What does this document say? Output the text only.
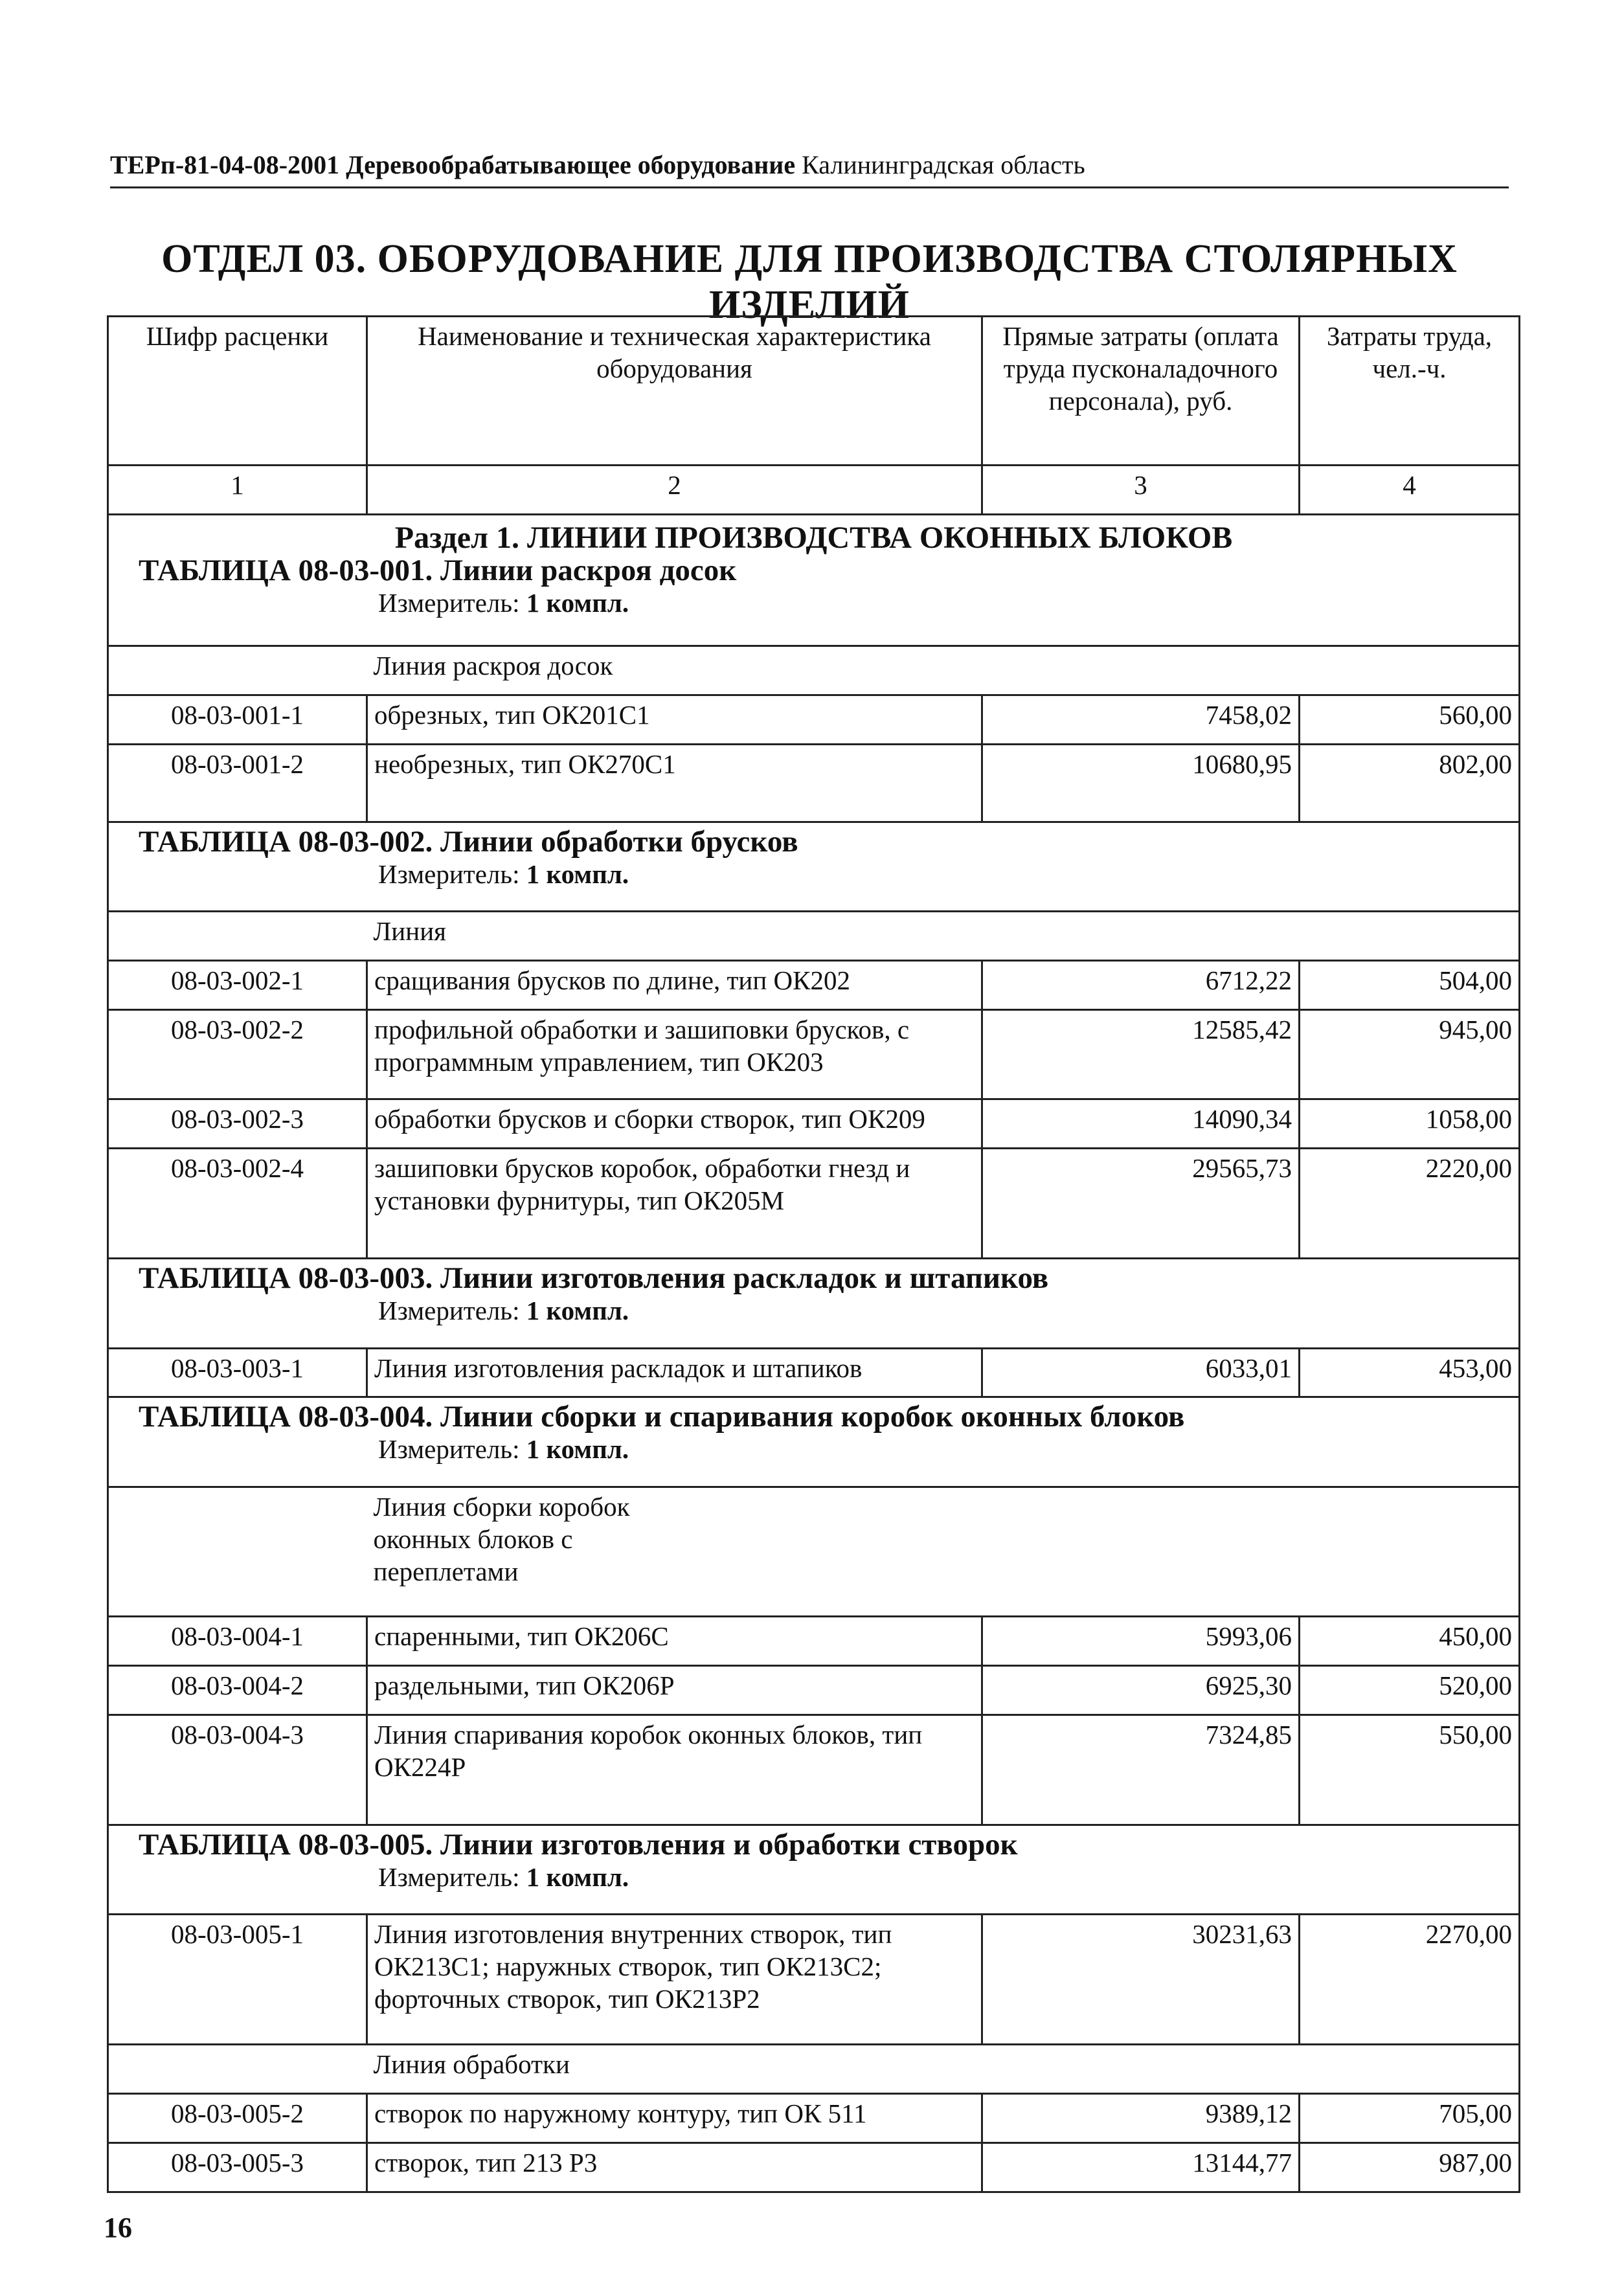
ТЕРп-81-04-08-2001 Деревообрабатывающее оборудование Калининградская область
ОТДЕЛ 03. ОБОРУДОВАНИЕ ДЛЯ ПРОИЗВОДСТВА СТОЛЯРНЫХ ИЗДЕЛИЙ
Шифр расценки	Наименование и техническая характеристика оборудования	Прямые затраты (оплата труда пусконаладочного персонала), руб.	Затраты труда, чел.-ч.
1	2	3	4

Раздел 1. ЛИНИИ ПРОИЗВОДСТВА ОКОННЫХ БЛОКОВ
ТАБЛИЦА 08-03-001. Линии раскроя досок
Измеритель: 1 компл.			

	Линия раскроя досок		
08-03-001-1	обрезных, тип ОК201С1	7458,02	560,00
08-03-001-2	необрезных, тип ОК270С1	10680,95	802,00

ТАБЛИЦА 08-03-002. Линии обработки брусков
Измеритель: 1 компл.			

	Линия		
08-03-002-1	сращивания брусков по длине, тип ОК202	6712,22	504,00
08-03-002-2	профильной обработки и зашиповки брусков, с программным управлением, тип ОК203	12585,42	945,00
08-03-002-3	обработки брусков и сборки створок, тип ОК209	14090,34	1058,00
08-03-002-4	зашиповки брусков коробок, обработки гнезд и установки фурнитуры, тип ОК205М	29565,73	2220,00

ТАБЛИЦА 08-03-003. Линии изготовления раскладок и штапиков
Измеритель: 1 компл.			

08-03-003-1	Линия изготовления раскладок и штапиков	6033,01	453,00

ТАБЛИЦА 08-03-004. Линии сборки и спаривания коробок оконных блоков
Измеритель: 1 компл.			

	Линия сборки коробок оконных блоков с переплетами		
08-03-004-1	спаренными, тип ОК206С	5993,06	450,00
08-03-004-2	раздельными, тип ОК206Р	6925,30	520,00
08-03-004-3	Линия спаривания коробок оконных блоков, тип ОК224Р	7324,85	550,00

ТАБЛИЦА 08-03-005. Линии изготовления и обработки створок
Измеритель: 1 компл.			

08-03-005-1	Линия изготовления внутренних створок, тип ОК213С1; наружных створок, тип ОК213С2; форточных створок, тип ОК213Р2	30231,63	2270,00
	Линия обработки		
08-03-005-2	створок по наружному контуру, тип ОК 511	9389,12	705,00
08-03-005-3	створок, тип 213 Р3	13144,77	987,00
16
